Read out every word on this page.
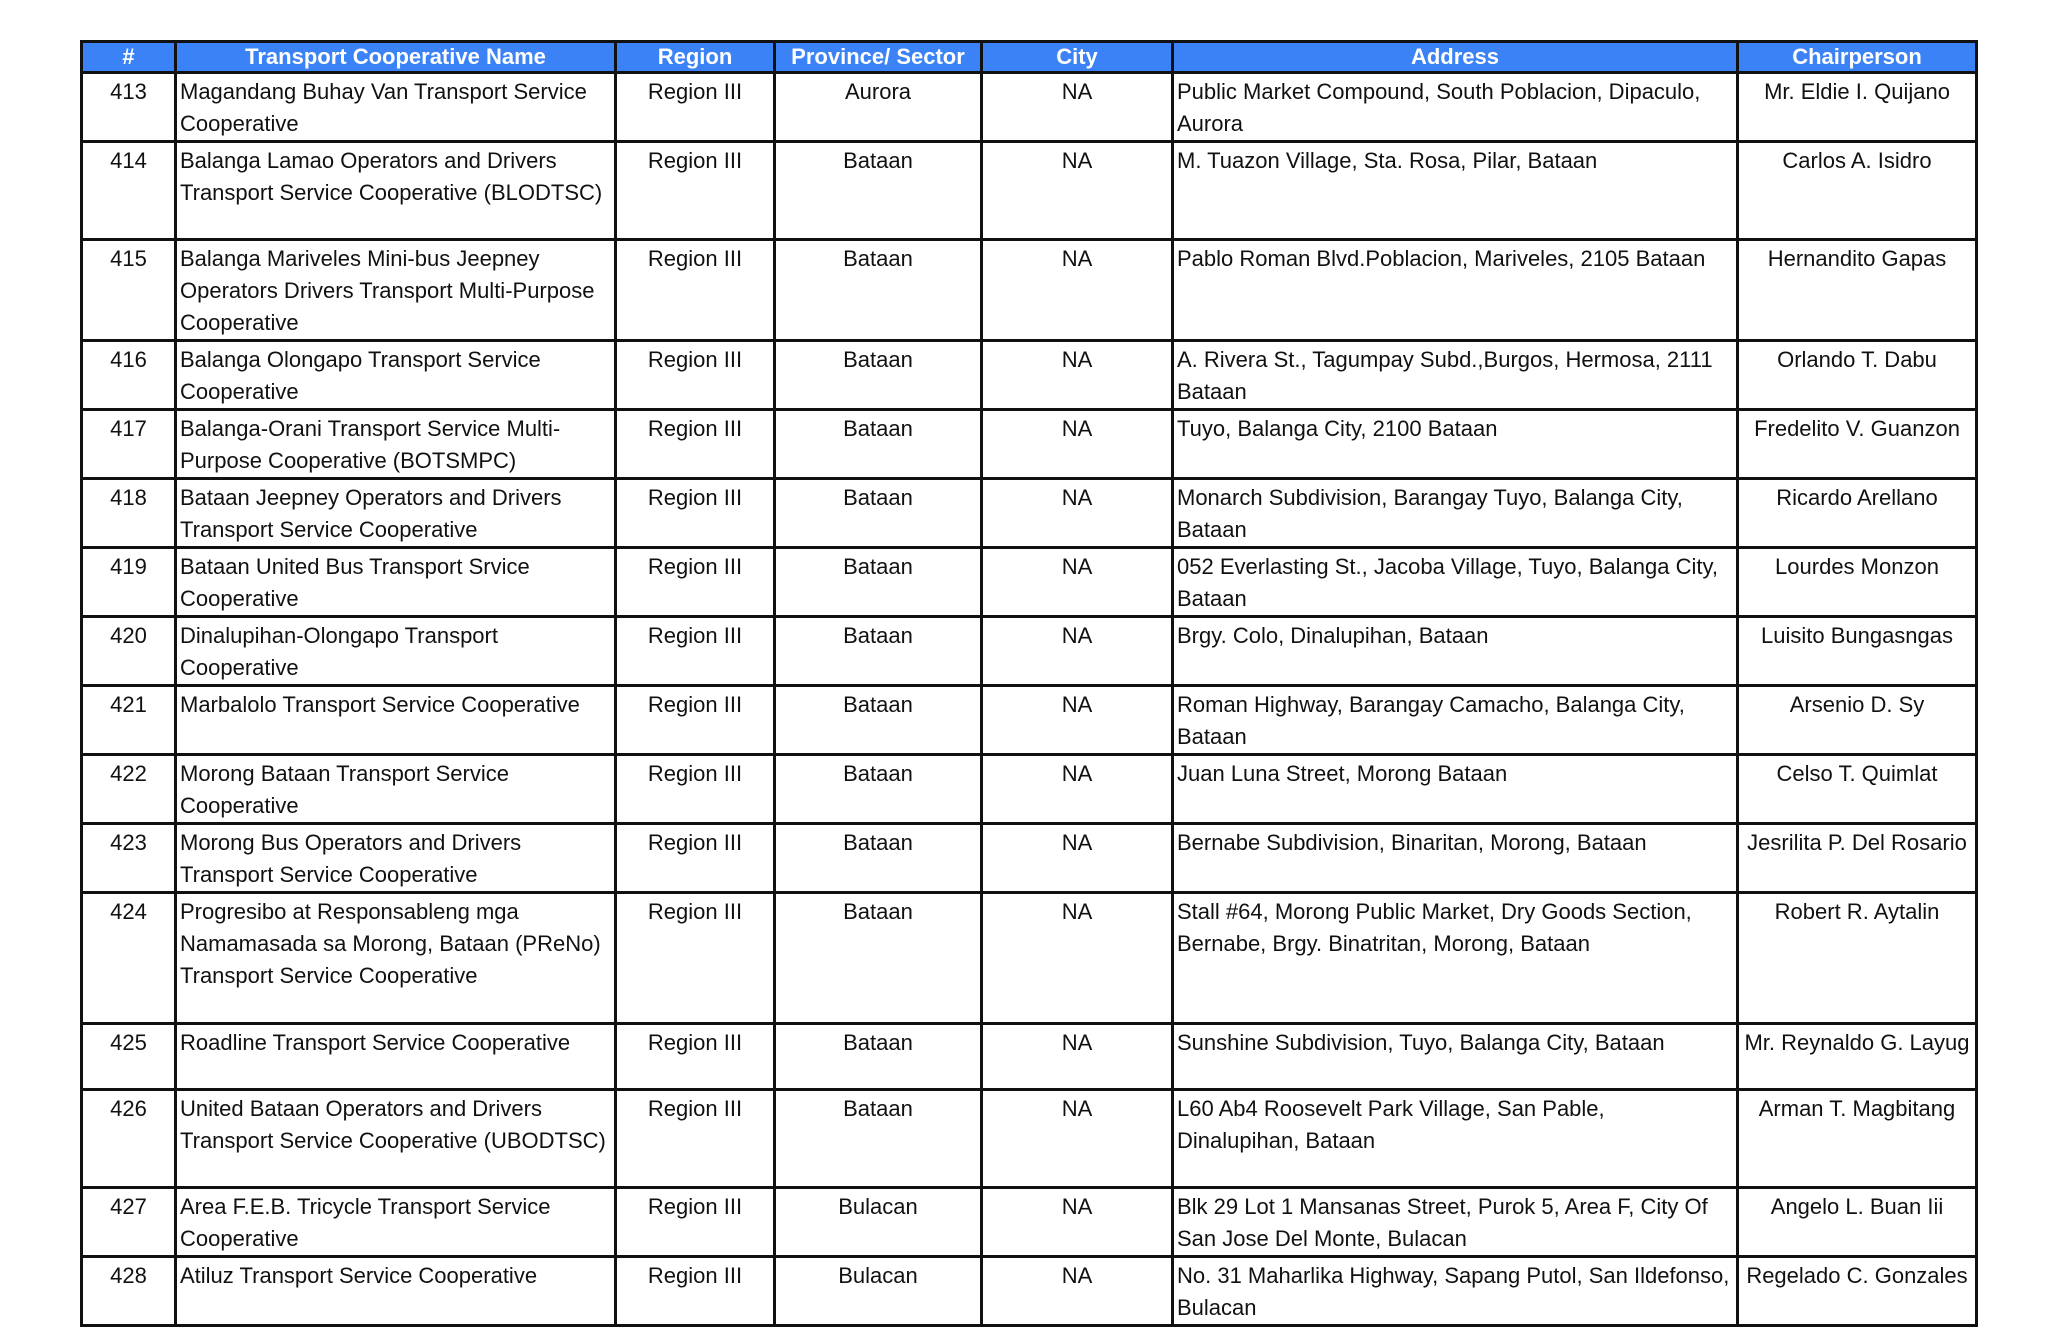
#	Transport Cooperative Name	Region	Province/ Sector	City	Address	Chairperson
413	Magandang Buhay Van Transport Service Cooperative	Region III	Aurora	NA	Public Market Compound, South Poblacion, Dipaculo, Aurora	Mr. Eldie I. Quijano
414	Balanga Lamao Operators and Drivers Transport Service Cooperative (BLODTSC)	Region III	Bataan	NA	M. Tuazon Village, Sta. Rosa, Pilar, Bataan	Carlos A. Isidro
415	Balanga Mariveles Mini-bus Jeepney Operators Drivers Transport Multi-Purpose Cooperative	Region III	Bataan	NA	Pablo Roman Blvd.Poblacion, Mariveles, 2105 Bataan	Hernandito Gapas
416	Balanga Olongapo Transport Service Cooperative	Region III	Bataan	NA	A. Rivera St., Tagumpay Subd.,Burgos, Hermosa, 2111 Bataan	Orlando T. Dabu
417	Balanga-Orani Transport Service Multi-Purpose Cooperative (BOTSMPC)	Region III	Bataan	NA	Tuyo, Balanga City, 2100 Bataan	Fredelito V. Guanzon
418	Bataan Jeepney Operators and Drivers Transport Service Cooperative	Region III	Bataan	NA	Monarch Subdivision, Barangay Tuyo, Balanga City, Bataan	Ricardo Arellano
419	Bataan United Bus Transport Srvice Cooperative	Region III	Bataan	NA	052 Everlasting St., Jacoba Village, Tuyo, Balanga City, Bataan	Lourdes Monzon
420	Dinalupihan-Olongapo Transport Cooperative	Region III	Bataan	NA	Brgy. Colo, Dinalupihan, Bataan	Luisito Bungasngas
421	Marbalolo Transport Service Cooperative	Region III	Bataan	NA	Roman Highway, Barangay Camacho, Balanga City, Bataan	Arsenio D. Sy
422	Morong Bataan Transport Service Cooperative	Region III	Bataan	NA	Juan Luna Street, Morong Bataan	Celso T. Quimlat
423	Morong Bus Operators and Drivers Transport Service Cooperative	Region III	Bataan	NA	Bernabe Subdivision, Binaritan, Morong, Bataan	Jesrilita P. Del Rosario
424	Progresibo at Responsableng mga Namamasada sa Morong, Bataan (PReNo) Transport Service Cooperative	Region III	Bataan	NA	Stall #64, Morong Public Market, Dry Goods Section, Bernabe, Brgy. Binatritan, Morong, Bataan	Robert R. Aytalin
425	Roadline Transport Service Cooperative	Region III	Bataan	NA	Sunshine Subdivision, Tuyo, Balanga City, Bataan	Mr. Reynaldo G. Layug
426	United Bataan Operators and Drivers Transport Service Cooperative (UBODTSC)	Region III	Bataan	NA	L60 Ab4 Roosevelt Park Village, San Pable, Dinalupihan, Bataan	Arman T. Magbitang
427	Area F.E.B. Tricycle Transport Service Cooperative	Region III	Bulacan	NA	Blk 29 Lot 1 Mansanas Street, Purok 5, Area F, City Of San Jose Del Monte, Bulacan	Angelo L. Buan Iii
428	Atiluz Transport Service Cooperative	Region III	Bulacan	NA	No. 31 Maharlika Highway, Sapang Putol, San Ildefonso, Bulacan	Regelado C. Gonzales
